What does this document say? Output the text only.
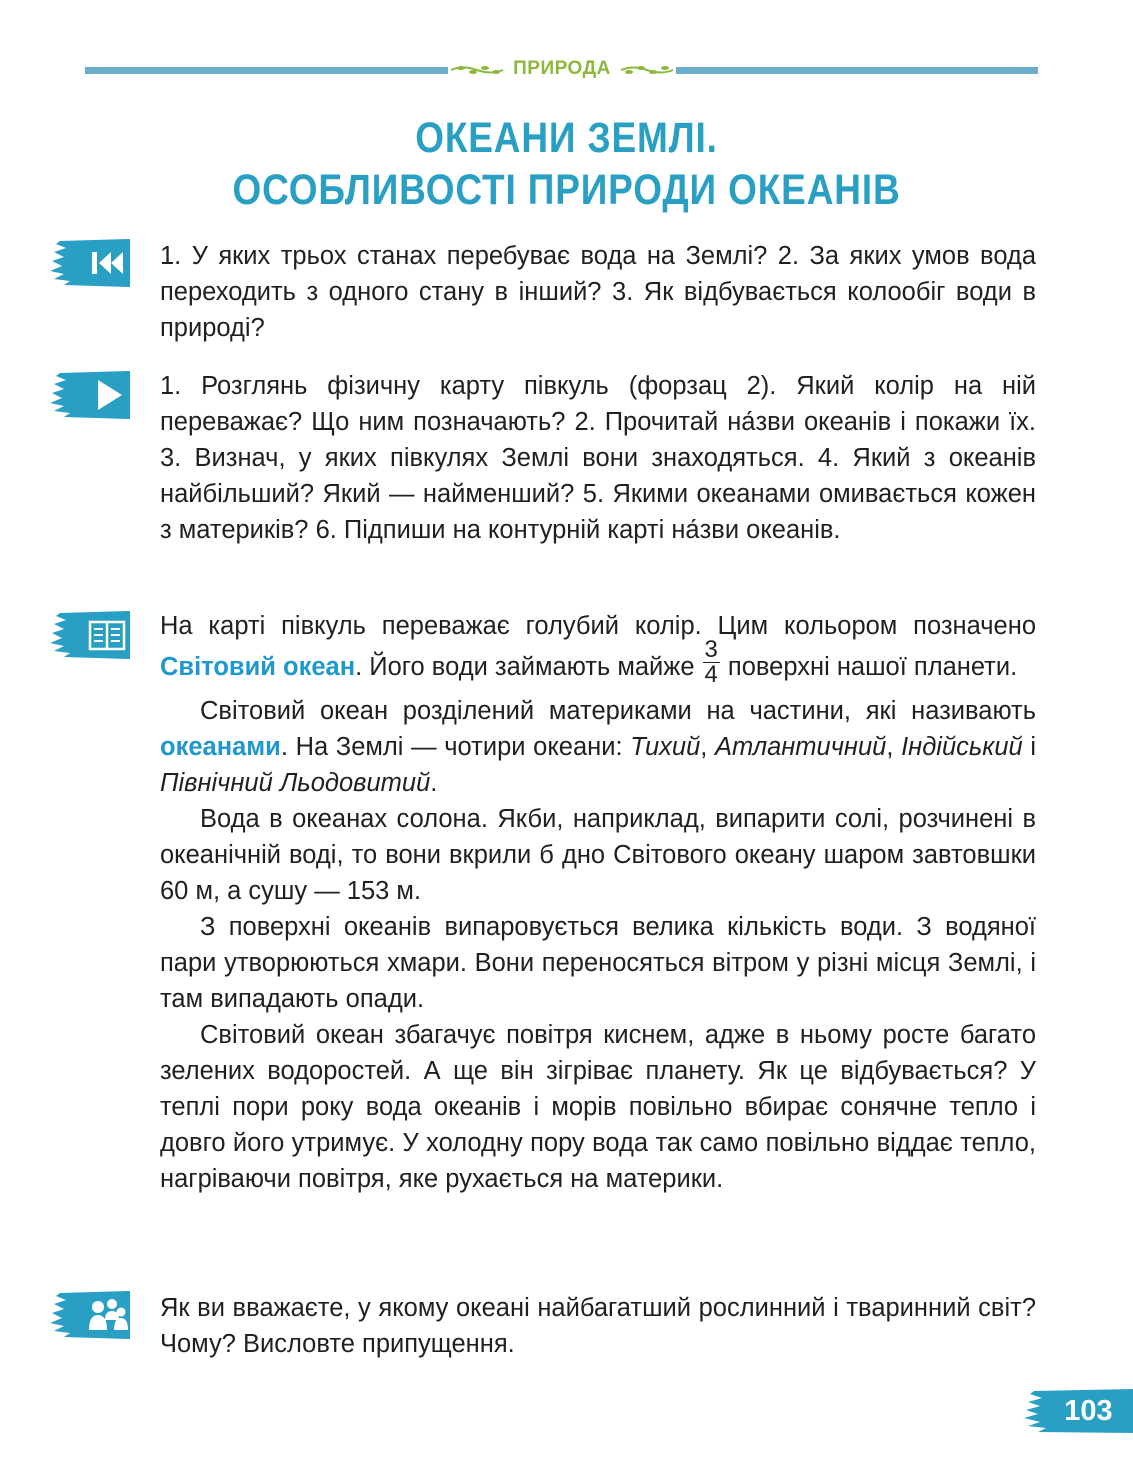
ПРИРОДА
ОКЕАНИ ЗЕМЛІ.
ОСОБЛИВОСТІ ПРИРОДИ ОКЕАНІВ

1. У яких трьох станах перебуває вода на Землі? 2. За яких умов вода переходить з одного стану в інший? 3. Як відбувається колообіг води в природі?

1. Розглянь фізичну карту півкуль (форзац 2). Який колір на ній переважає? Що ним позначають? 2. Прочитай на́зви океанів і покажи їх. 3. Визнач, у яких півкулях Землі вони знаходяться. 4. Який з океанів найбільший? Який — найменший? 5. Якими океанами омивається кожен з материків? 6. Підпиши на контурній карті на́зви океанів.

На карті півкуль переважає голубий колір. Цим кольором позначено Світовий океан. Його води займають майже $\frac{3}{4}$ поверхні нашої планети.

Світовий океан розділений материками на частини, які називають океанами. На Землі — чотири океани: Тихий, Атлантичний, Індійський і Північний Льодовитий.

Вода в океанах солона. Якби, наприклад, випарити солі, розчинені в океанічній воді, то вони вкрили б дно Світового океану шаром завтовшки 60 м, а сушу — 153 м.

З поверхні океанів випаровується велика кількість води. З водяної пари утворюються хмари. Вони переносяться вітром у різні місця Землі, і там випадають опади.

Світовий океан збагачує повітря киснем, адже в ньому росте багато зелених водоростей. А ще він зігріває планету. Як це відбувається? У теплі пори року вода океанів і морів повільно вбирає сонячне тепло і довго його утримує. У холодну пору вода так само повільно віддає тепло, нагріваючи повітря, яке рухається на материки.

Як ви вважаєте, у якому океані найбагатший рослинний і тваринний світ? Чому? Висловте припущення.

103
